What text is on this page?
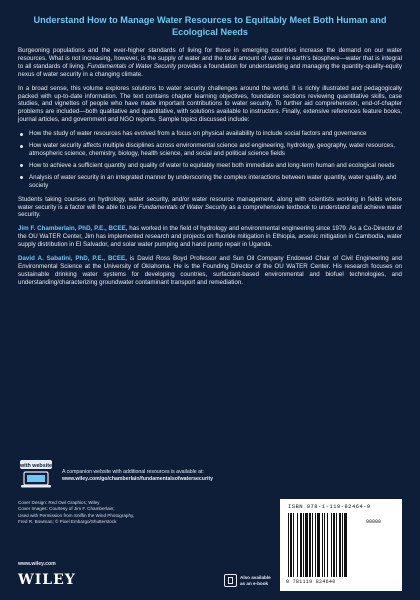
Understand How to Manage Water Resources to Equitably Meet Both Human and Ecological Needs

Burgeoning populations and the ever-higher standards of living for those in emerging countries increase the demand on our water resources. What is not increasing, however, is the supply of water and the total amount of water in earth’s biosphere—water that is integral to all standards of living. Fundamentals of Water Security provides a foundation for understanding and managing the quantity-quality-equity nexus of water security in a changing climate.

In a broad sense, this volume explores solutions to water security challenges around the world. It is richly illustrated and pedagogically packed with up-to-date information. The text contains chapter learning objectives, foundation sections reviewing quantitative skills, case studies, and vignettes of people who have made important contributions to water security. To further aid comprehension, end-of-chapter problems are included—both qualitative and quantitative, with solutions available to instructors. Finally, extensive references feature books, journal articles, and government and NGO reports. Sample topics discussed include:

How the study of water resources has evolved from a focus on physical availability to include social factors and governance
How water security affects multiple disciplines across environmental science and engineering, hydrology, geography, water resources, atmospheric science, chemistry, biology, health science, and social and political science fields
How to achieve a sufficient quantity and quality of water to equitably meet both immediate and long-term human and ecological needs
Analysis of water security in an integrated manner by underscoring the complex interactions between water quantity, water quality, and society

Students taking courses on hydrology, water security, and/or water resource management, along with scientists working in fields where water security is a factor will be able to use Fundamentals of Water Security as a comprehensive textbook to understand and achieve water security.

Jim F. Chamberlain, PhD, P.E., BCEE, has worked in the field of hydrology and environmental engineering since 1979. As a Co-Director of the OU WaTER Center, Jim has implemented research and projects on fluoride mitigation in Ethiopia, arsenic mitigation in Cambodia, water supply distribution in El Salvador, and solar water pumping and hand pump repair in Uganda.

David A. Sabatini, PhD, P.E., BCEE, is David Ross Boyd Professor and Sun Oil Company Endowed Chair of Civil Engineering and Environmental Science at the University of Oklahoma. He is the Founding Director of the OU WaTER Center. His research focuses on sustainable drinking water systems for developing countries, surfactant-based environmental and biofuel technologies, and understanding/characterizing groundwater contaminant transport and remediation.

with website
A companion website with additional resources is available at:
www.wiley.com/go/chamberlain/fundamentalsofwatersecurity
Cover Design: Red Owl Graphics; Wiley
Cover Images: Courtesy of Jim F. Chamberlain;
Used with Permission from Sniffin the Wind Photography,
Fred R. Bowman; © Pixel Embargo/Shutterstock
www.wiley.com
WILEY	Also available
as an e-book
ISBN 978-1-119-82464-0
90000
9 781119 824640
